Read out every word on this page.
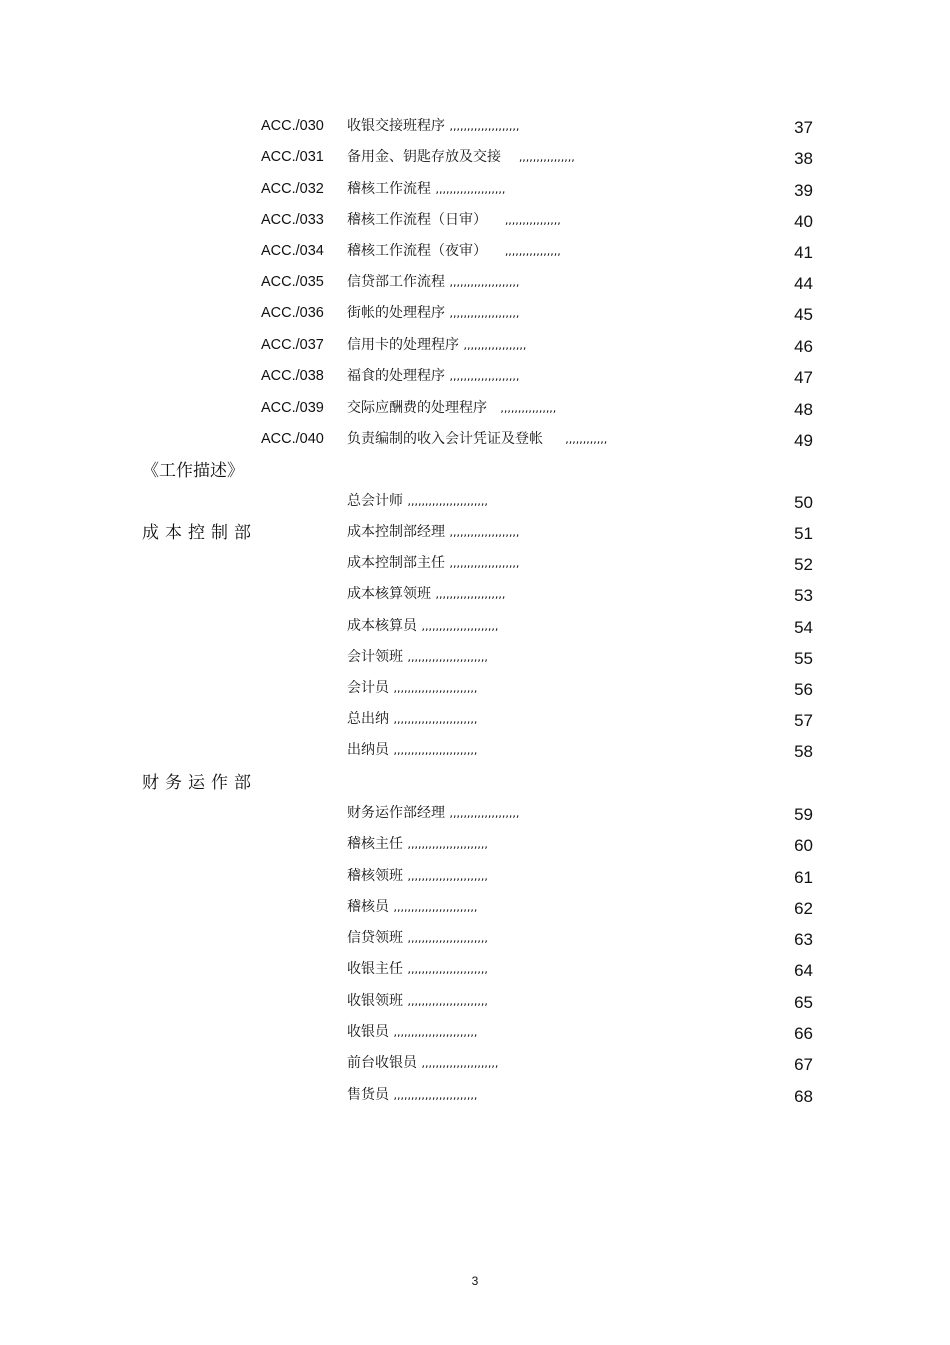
ACC./030 收银交接班程序 ,,,,,,,,,,,,,,,,,,,,	37
ACC./031 备用金、钥匙存放及交接 ,,,,,,,,,,,,,,,,	38
ACC./032 稽核工作流程 ,,,,,,,,,,,,,,,,,,,,	39
ACC./033 稽核工作流程（日审） ,,,,,,,,,,,,,,,,	40
ACC./034 稽核工作流程（夜审） ,,,,,,,,,,,,,,,,	41
ACC./035 信贷部工作流程 ,,,,,,,,,,,,,,,,,,,,	44
ACC./036 街帐的处理程序 ,,,,,,,,,,,,,,,,,,,,	45
ACC./037 信用卡的处理程序 ,,,,,,,,,,,,,,,,,,	46
ACC./038 福食的处理程序 ,,,,,,,,,,,,,,,,,,,,	47
ACC./039 交际应酬费的处理程序 ,,,,,,,,,,,,,,,,	48
ACC./040 负责编制的收入会计凭证及登帐 ,,,,,,,,,,,,	49
《工作描述》
总会计师 ,,,,,,,,,,,,,,,,,,,,,,,	50
成本控制部	成本控制部经理 ,,,,,,,,,,,,,,,,,,,,	51
成本控制部主任 ,,,,,,,,,,,,,,,,,,,,	52
成本核算领班 ,,,,,,,,,,,,,,,,,,,,	53
成本核算员 ,,,,,,,,,,,,,,,,,,,,,,	54
会计领班 ,,,,,,,,,,,,,,,,,,,,,,,	55
会计员 ,,,,,,,,,,,,,,,,,,,,,,,,	56
总出纳 ,,,,,,,,,,,,,,,,,,,,,,,,	57
出纳员 ,,,,,,,,,,,,,,,,,,,,,,,,	58
财务运作部
财务运作部经理 ,,,,,,,,,,,,,,,,,,,,	59
稽核主任 ,,,,,,,,,,,,,,,,,,,,,,,	60
稽核领班 ,,,,,,,,,,,,,,,,,,,,,,,	61
稽核员 ,,,,,,,,,,,,,,,,,,,,,,,,	62
信贷领班 ,,,,,,,,,,,,,,,,,,,,,,,	63
收银主任 ,,,,,,,,,,,,,,,,,,,,,,,	64
收银领班 ,,,,,,,,,,,,,,,,,,,,,,,	65
收银员 ,,,,,,,,,,,,,,,,,,,,,,,,	66
前台收银员 ,,,,,,,,,,,,,,,,,,,,,,	67
售货员 ,,,,,,,,,,,,,,,,,,,,,,,,	68
3
